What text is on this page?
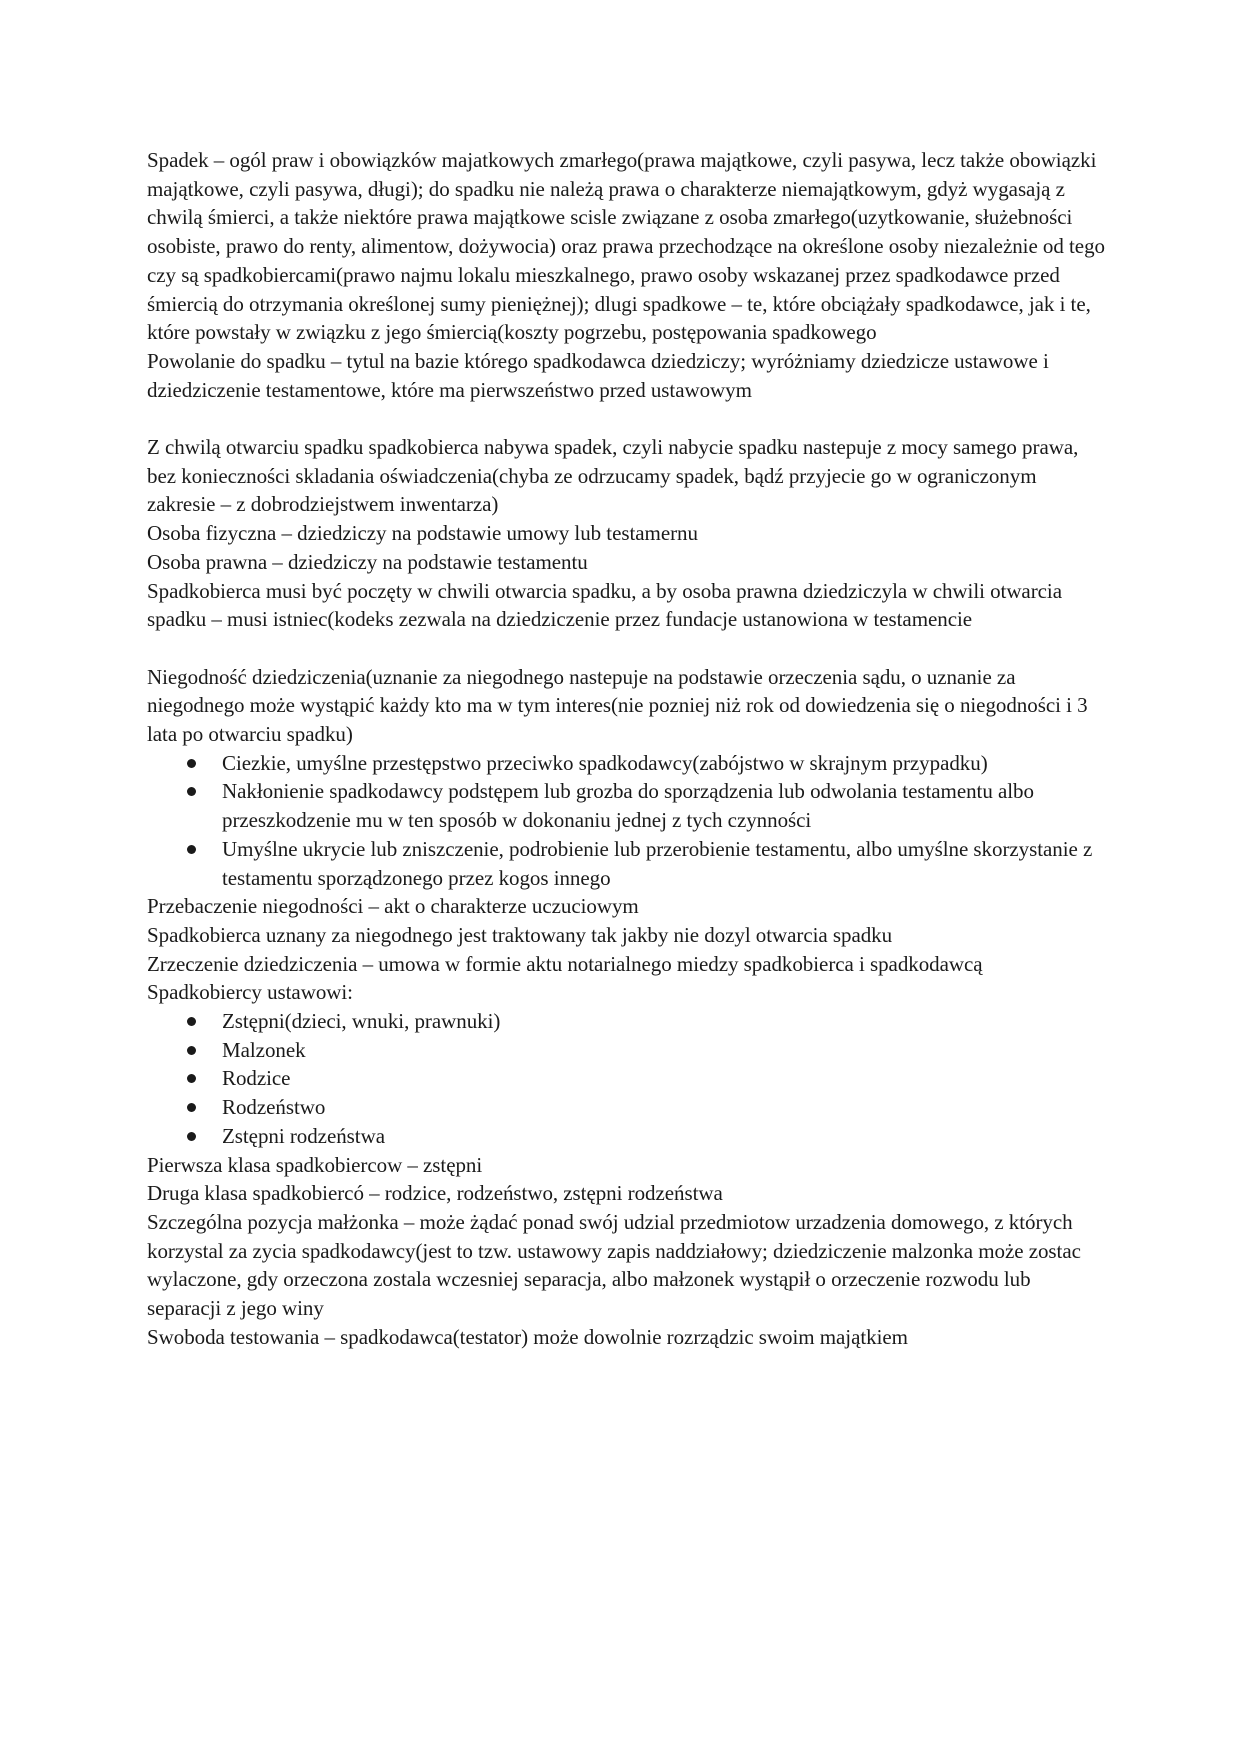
Spadek – ogól praw i obowiązków majatkowych zmarłego(prawa majątkowe, czyli pasywa, lecz także obowiązki majątkowe, czyli pasywa, długi); do spadku nie należą prawa o charakterze niemajątkowym, gdyż wygasają z chwilą śmierci, a także niektóre prawa majątkowe scisle związane z osoba zmarłego(uzytkowanie, służebności osobiste, prawo do renty, alimentow, dożywocia) oraz prawa przechodzące na określone osoby niezależnie od tego czy są spadkobiercami(prawo najmu lokalu mieszkalnego, prawo osoby wskazanej przez spadkodawce przed śmiercią do otrzymania określonej sumy pieniężnej); dlugi spadkowe – te, które obciążały spadkodawce, jak i te, które powstały w związku z jego śmiercią(koszty pogrzebu, postępowania spadkowego

Powolanie do spadku – tytul na bazie którego spadkodawca dziedziczy; wyróżniamy dziedzicze ustawowe i dziedziczenie testamentowe, które ma pierwszeństwo przed ustawowym

Z chwilą otwarciu spadku spadkobierca nabywa spadek, czyli nabycie spadku nastepuje z mocy samego prawa, bez konieczności skladania oświadczenia(chyba ze odrzucamy spadek, bądź przyjecie go w ograniczonym zakresie – z dobrodziejstwem inwentarza)

Osoba fizyczna – dziedziczy na podstawie umowy lub testamernu

Osoba prawna – dziedziczy na podstawie testamentu

Spadkobierca musi być poczęty w chwili otwarcia spadku, a by osoba prawna dziedziczyla w chwili otwarcia spadku – musi istniec(kodeks zezwala na dziedziczenie przez fundacje ustanowiona w testamencie

Niegodność dziedziczenia(uznanie za niegodnego nastepuje na podstawie orzeczenia sądu, o uznanie za niegodnego może wystąpić każdy kto ma w tym interes(nie pozniej niż rok od dowiedzenia się o niegodności i 3 lata po otwarciu spadku)

Ciezkie, umyślne przestępstwo przeciwko spadkodawcy(zabójstwo w skrajnym przypadku)
Nakłonienie spadkodawcy podstępem lub grozba do sporządzenia lub odwolania testamentu albo przeszkodzenie mu w ten sposób w dokonaniu jednej z tych czynności
Umyślne ukrycie lub zniszczenie, podrobienie lub przerobienie testamentu, albo umyślne skorzystanie z testamentu sporządzonego przez kogos innego

Przebaczenie niegodności – akt o charakterze uczuciowym

Spadkobierca uznany za niegodnego jest traktowany tak jakby nie dozyl otwarcia spadku

Zrzeczenie dziedziczenia – umowa w formie aktu notarialnego miedzy spadkobierca i spadkodawcą

Spadkobiercy ustawowi:

Zstępni(dzieci, wnuki, prawnuki)
Malzonek
Rodzice
Rodzeństwo
Zstępni rodzeństwa

Pierwsza klasa spadkobiercow – zstępni

Druga klasa spadkobiercó – rodzice, rodzeństwo, zstępni rodzeństwa

Szczególna pozycja małżonka – może żądać ponad swój udzial przedmiotow urzadzenia domowego, z których korzystal za zycia spadkodawcy(jest to tzw. ustawowy zapis naddziałowy; dziedziczenie malzonka może zostac wylaczone, gdy orzeczona zostala wczesniej separacja, albo małzonek wystąpił o orzeczenie rozwodu lub separacji z jego winy

Swoboda testowania – spadkodawca(testator) może dowolnie rozrządzic swoim majątkiem
